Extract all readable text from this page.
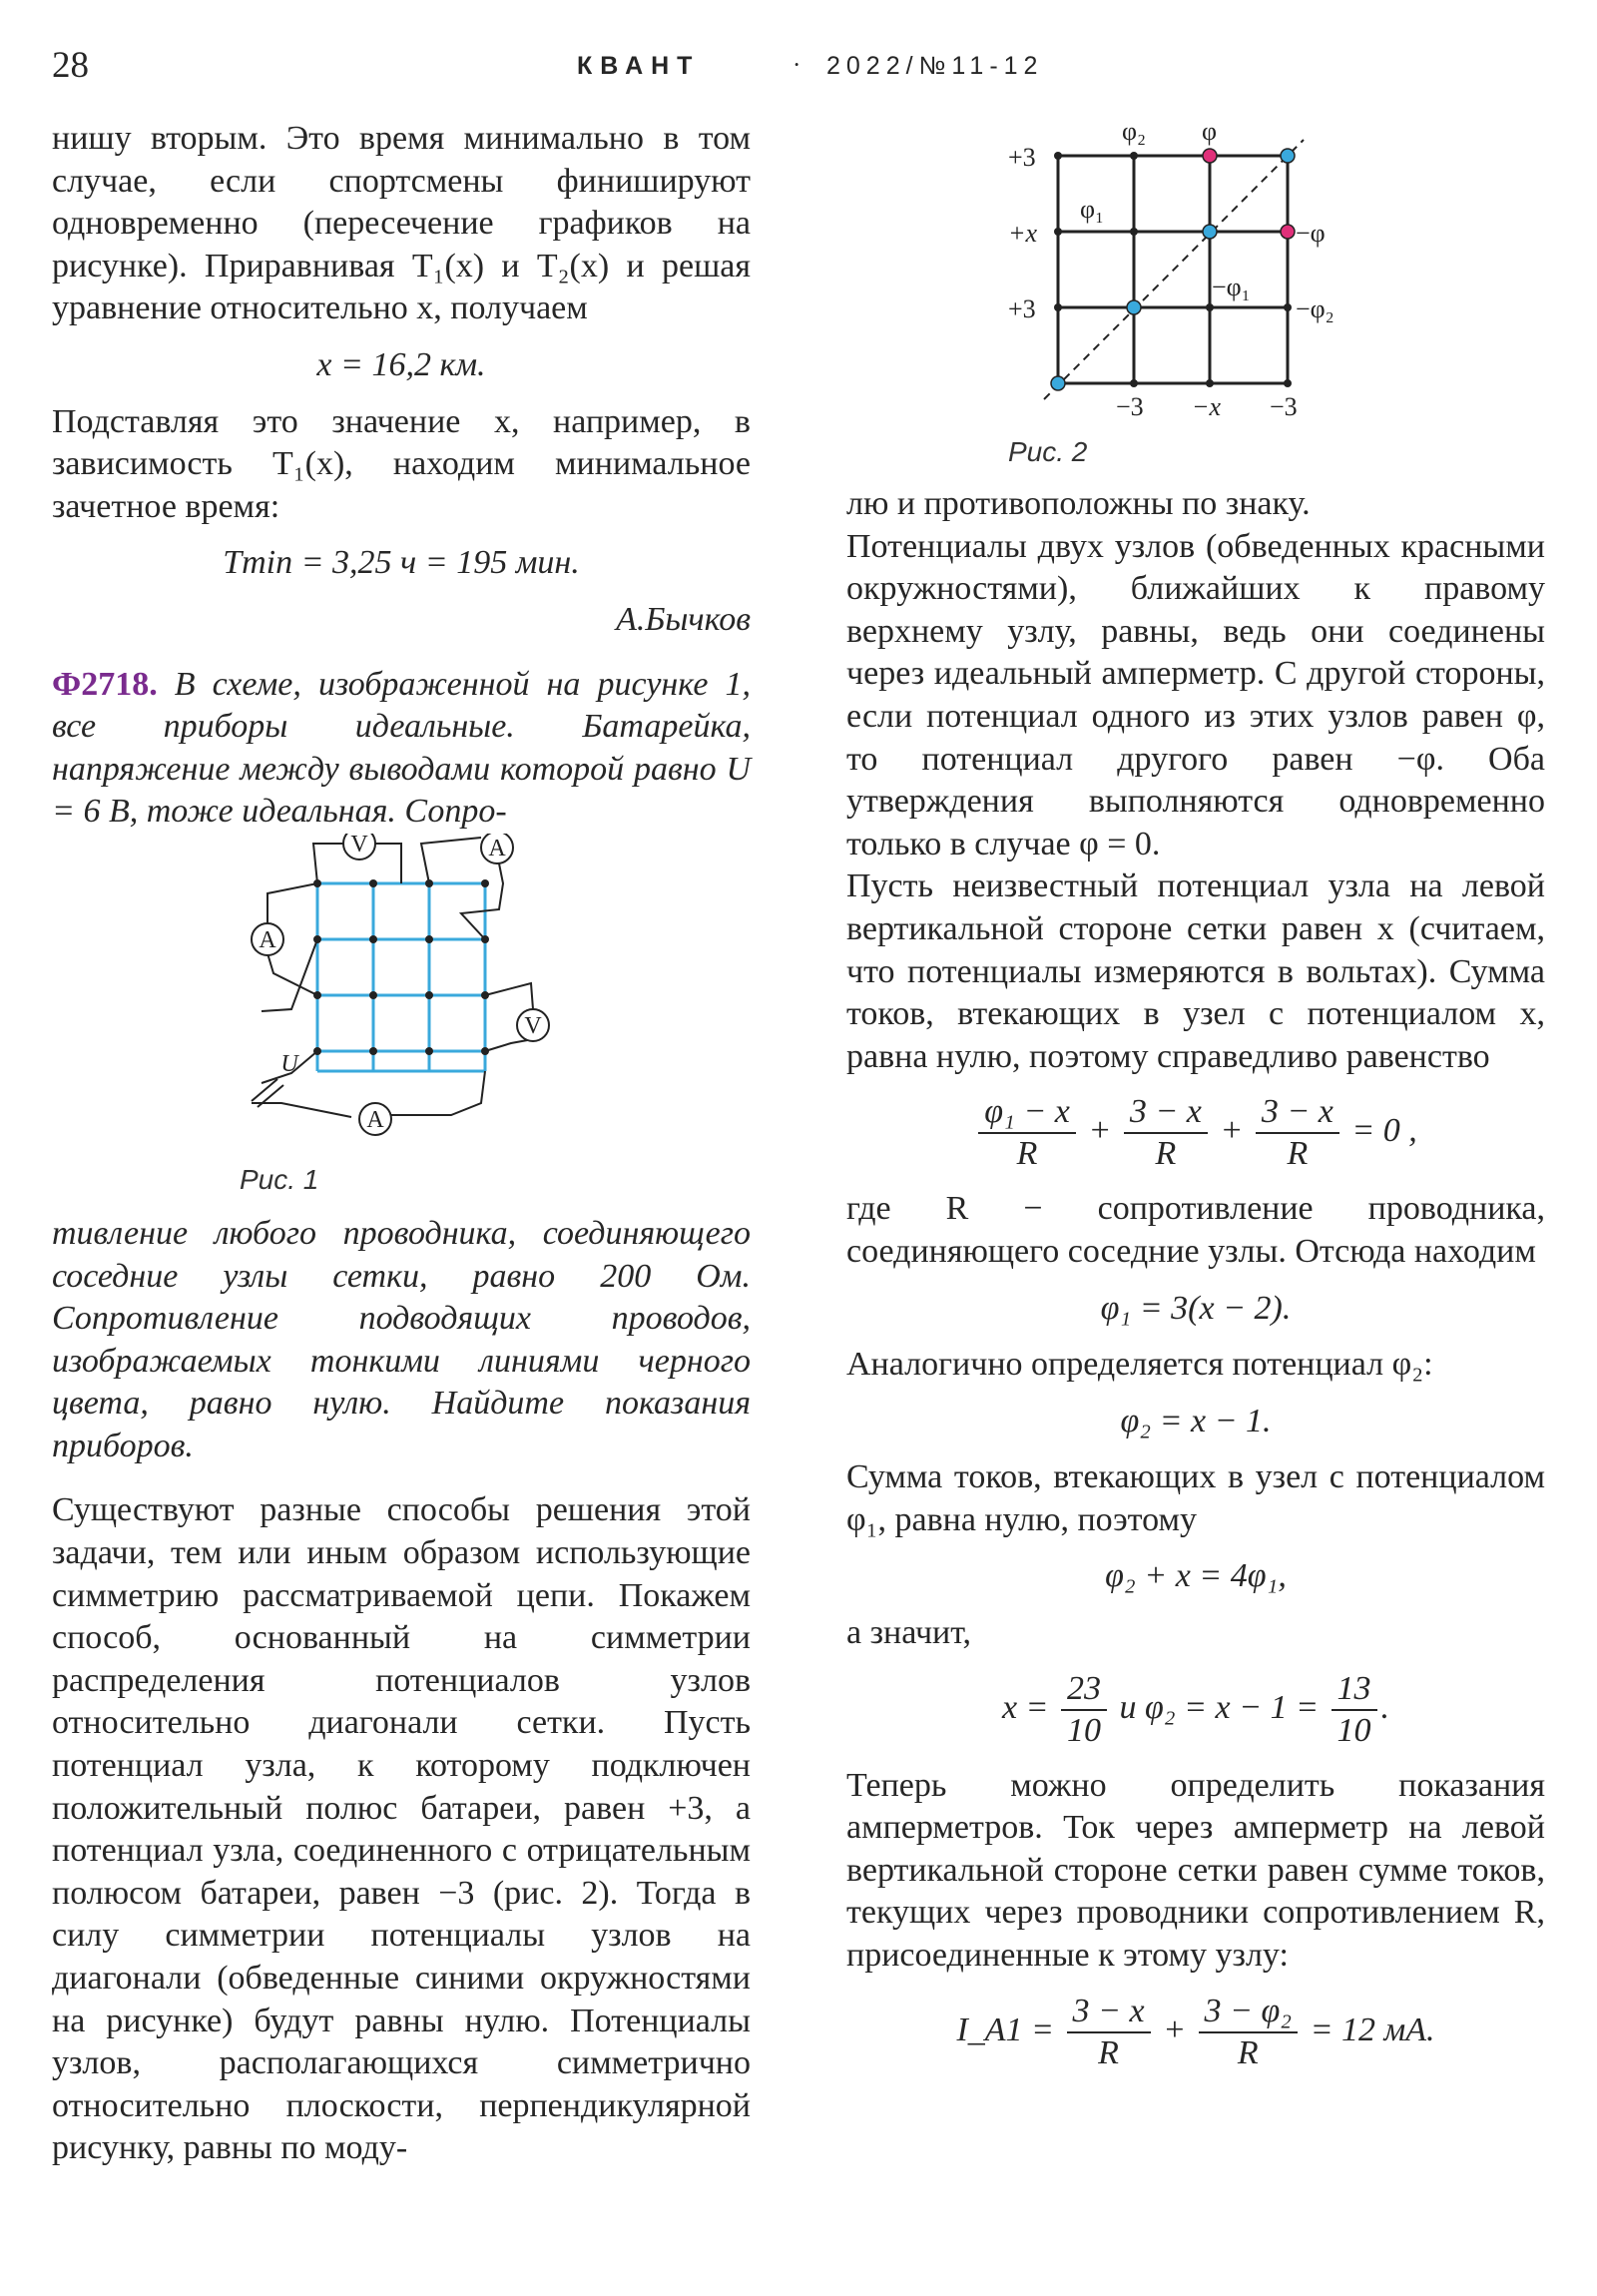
28	КВАНТ	· 2022/№11-12

нишу вторым. Это время минимально в том случае, если спортсмены финишируют одновременно (пересечение графиков на рисунке). Приравнивая T₁(x) и T₂(x) и решая уравнение относительно x, получаем

x = 16,2 км.

Подставляя это значение x, например, в зависимость T₁(x), находим минимальное зачетное время:

Tmin = 3,25 ч = 195 мин.
А.Бычков

Ф2718. В схеме, изображенной на рисунке 1, все приборы идеальные. Батарейка, напряжение между выводами которой равно U = 6 В, тоже идеальная. Сопро-

V	A
A
V
A
U
Рис. 1

тивление любого проводника, соединяющего соседние узлы сетки, равно 200 Ом. Сопротивление подводящих проводов, изображаемых тонкими линиями черного цвета, равно нулю. Найдите показания приборов.

Существуют разные способы решения этой задачи, тем или иным образом использующие симметрию рассматриваемой цепи. Покажем способ, основанный на симметрии распределения потенциалов узлов относительно диагонали сетки. Пусть потенциал узла, к которому подключен положительный полюс батареи, равен +3, а потенциал узла, соединенного с отрицательным полюсом батареи, равен −3 (рис. 2). Тогда в силу симметрии потенциалы узлов на диагонали (обведенные синими окружностями на рисунке) будут равны нулю. Потенциалы узлов, располагающихся симметрично относительно плоскости, перпендикулярной рисунку, равны по моду-

+3
+x
+3
φ₂ φ
φ₁
−φ₁
−φ
−φ₂
−3 −x −3
Рис. 2

лю и противоположны по знаку.

Потенциалы двух узлов (обведенных красными окружностями), ближайших к правому верхнему узлу, равны, ведь они соединены через идеальный амперметр. С другой стороны, если потенциал одного из этих узлов равен φ, то потенциал другого равен −φ. Оба утверждения выполняются одновременно только в случае φ = 0.

Пусть неизвестный потенциал узла на левой вертикальной стороне сетки равен x (считаем, что потенциалы измеряются в вольтах). Сумма токов, втекающих в узел с потенциалом x, равна нулю, поэтому справедливо равенство

$\frac{\text{φ₁ − x}}{R} + \frac{3 - x}{R} + \frac{3 - x}{R} = 0$ ,

где R − сопротивление проводника, соединяющего соседние узлы. Отсюда находим

φ₁ = 3(x − 2).

Аналогично определяется потенциал φ₂:

φ₂ = x − 1.

Сумма токов, втекающих в узел с потенциалом φ₁, равна нулю, поэтому

φ₂ + x = 4φ₁,

а значит,

$x = \frac{23}{10}$ и $\varphi_2 = x - 1 = \frac{13}{10}$ .

Теперь можно определить показания амперметров. Ток через амперметр на левой вертикальной стороне сетки равен сумме токов, текущих через проводники сопротивлением R, присоединенные к этому узлу:

I_A1 = $\frac{3 - x}{R} + \frac{\text{3 − φ₂}}{R} = 12$ мА.
